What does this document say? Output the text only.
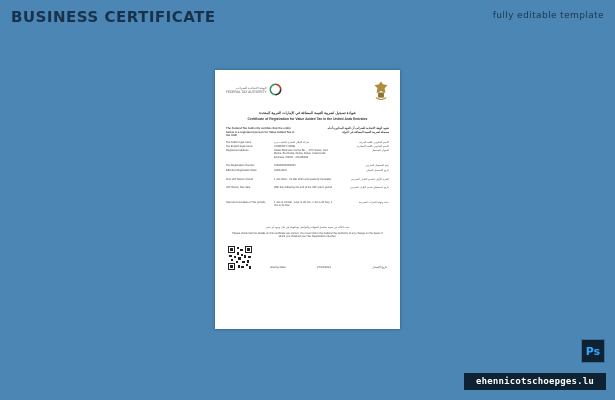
BUSINESS CERTIFICATE	fully editable template
الهيئة الاتحادية للضرائب
FEDERAL TAX AUTHORITY
شهادة تسجيل لضريبة القيمة المضافة في الإمارات العربية المتحدة
Certificate of Registration for Value Added Tax in the United Arab Emirates
The Federal Tax Authority certifies that the entity below is a registered person for Value Added Tax in the UAE
تشهد الهيئة الاتحادية للضرائب أن الجهة المذكورة أدناه مسجلة لضريبة القيمة المضافة في الدولة
Tax Arabic legal name	شركة المثال للتجارة العامة ذ.م.م	الاسم القانوني باللغة العربية
Tax English legal name	COMPANY NAME	الاسم القانوني باللغة الإنجليزية
Registered address	Sultan Business Centre Bu..., 17th Street, Oud Metha, Bur Dubai, Dubai, Dubai, United Arab Emirates, 00000 - 471006000
العنوان المسجل
Tax Registration Number	100000000000003	رقم التسجيل الضريبي
Effective Registration Date	01/01/2021	تاريخ التسجيل الفعلي
First VAT Return Period	1 Jan 2021 - 31 Mar 2021 and quarterly thereafter	الفترة الأولى لتقديم الإقرار الضريبي
VAT Return Due date	28th day following the end of the VAT return period	تاريخ استحقاق تقديم الإقرار الضريبي
Start and end dates of Tax periods	1 Jan to 31 Mar, 1 Apr to 30 Jun, 1 Jul to 30 Sep, 1 Oct to 31 Dec
بداية ونهاية الفترات الضريبية
يجب التأكد من صحة تفاصيل الشهادة والتواصل مع الهيئة في حال وجود أي تغيير
Please check that the details on this certificate are correct. You must inform the Federal Tax Authority of any change on the basis of which you obtained your Tax Registration Number.
Issuing Date:	27/01/2021	تاريخ الإصدار
Ps
ehennicotschoepges.lu
